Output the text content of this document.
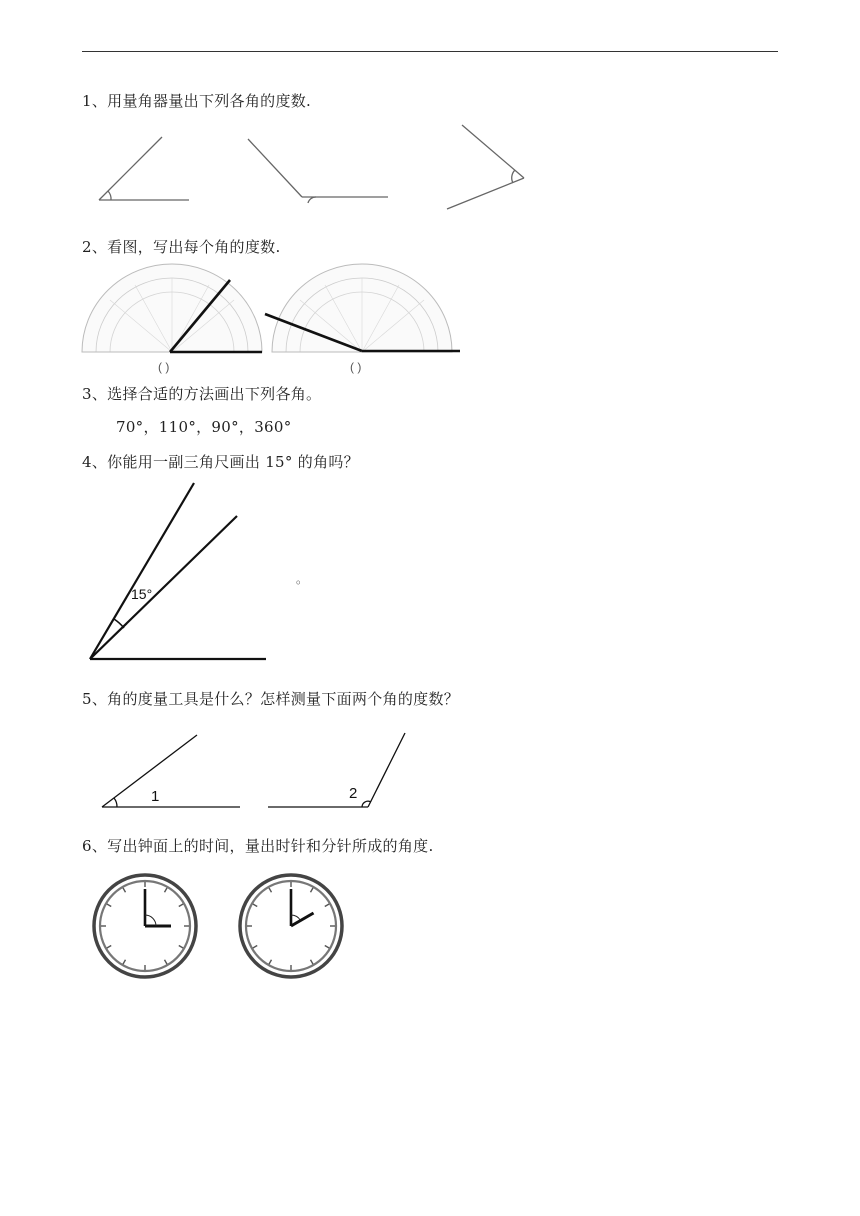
1、用量角器量出下列各角的度数.
2、看图，写出每个角的度数.
3、选择合适的方法画出下列各角。
70°，110°，90°，360°
4、你能用一副三角尺画出 15° 的角吗？
5、角的度量工具是什么？怎样测量下面两个角的度数？
6、写出钟面上的时间，量出时针和分针所成的角度.
( )	( )
15°
。
1	2
